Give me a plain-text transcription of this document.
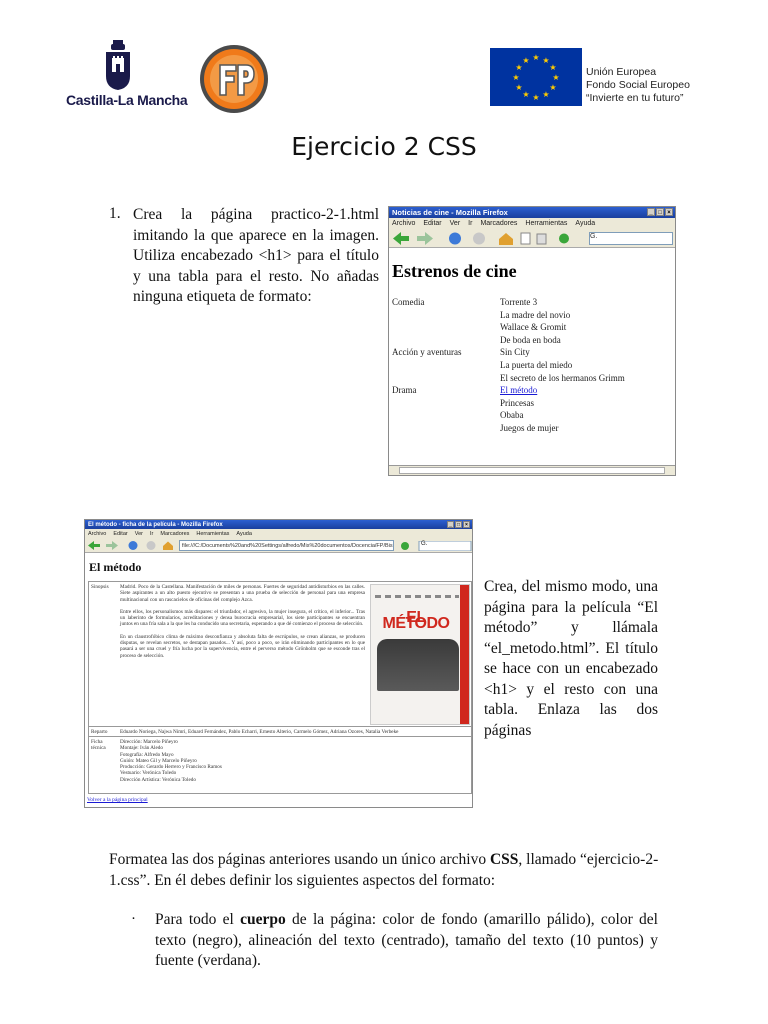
Castilla-La Mancha
★ ★
★
★
★
★
★
★
★
★
★
★
Unión Europea
Fondo Social Europeo
“Invierte en tu futuro”
Ejercicio 2 CSS
1. Crea la página practico-2-1.html imitando la que aparece en la imagen. Utiliza encabezado <h1> para el título y una tabla para el resto. No añadas ninguna etiqueta de formato:
Noticias de cine - Mozilla Firefox	_ □ ×
Archivo Editar Ver Ir Marcadores Herramientas Ayuda
G.
Estrenos de cine
Comedia	Torrente 3
La madre del novio
Wallace & Gromit
De boda en boda
Acción y aventuras	Sin City
La puerta del miedo
El secreto de los hermanos Grimm
Drama	El método
Princesas
Obaba
Juegos de mujer
El método - ficha de la película - Mozilla Firefox	_	□	×
Archivo Editar Ver Ir Marcadores Herramientas Ayuda
file:///C:/Documents%20and%20Settings/alfredo/Mis%20documentos/Docencia/FP/Bis	G.
El método
Sinopsis Madrid. Poco de la Castellana. Manifestación de miles de personas. Fuertes de seguridad antidisturbios en las calles. Siete aspirantes a un alto puesto ejecutivo se presentan a una prueba de selección de personal para una empresa multinacional con un rascacielos de oficinas del complejo Azca.

Entre ellos, los personalismos más dispares: el triunfador, el agresivo, la mujer insegura, el crítico, el inferior... Tras un laberinto de formularios, acreditaciones y densa burocracia empresarial, los siete participantes se encuentran juntos en una fría sala a la que les ha conducido una secretaria, esperando a que dé comienzo el proceso de selección.

En un claustrofóbico clima de máximo desconfianza y absoluta falta de escrúpulos, se crean alianzas, se producen disputas, se revelan secretos, se destapan pasados... Y así, poco a poco, se irán eliminando participantes en lo que pasará a ser una cruel y fría lucha por la supervivencia, entre el perverso método Grönholm que se esconde tras el proceso de selección.

EL MÉTODO
Reparto Eduardo Noriega, Najwa Nimri, Eduard Fernández, Pablo Echarri, Ernesto Alterio, Carmelo Gómez, Adriana Ozores, Natalia Verbeke
Ficha técnica
Dirección: Marcelo Piñeyro
Montaje: Iván Aledo
Fotografía: Alfredo Mayo
Guión: Mateo Gil y Marcelo Piñeyro
Producción: Gerardo Herrero y Francisco Ramos
Vestuario: Verónica Toledo
Dirección Artística: Verónica Toledo
Volver a la página principal
Crea, del mismo modo, una página para la película “El método” y llámala “el_metodo.html”. El título se hace con un encabezado <h1> y el resto con una tabla. Enlaza las dos páginas
Formatea las dos páginas anteriores usando un único archivo CSS, llamado “ejercicio-2-1.css”. En él debes definir los siguientes aspectos del formato:
· Para todo el cuerpo de la página: color de fondo (amarillo pálido), color del texto (negro), alineación del texto (centrado), tamaño del texto (10 puntos) y fuente (verdana).
